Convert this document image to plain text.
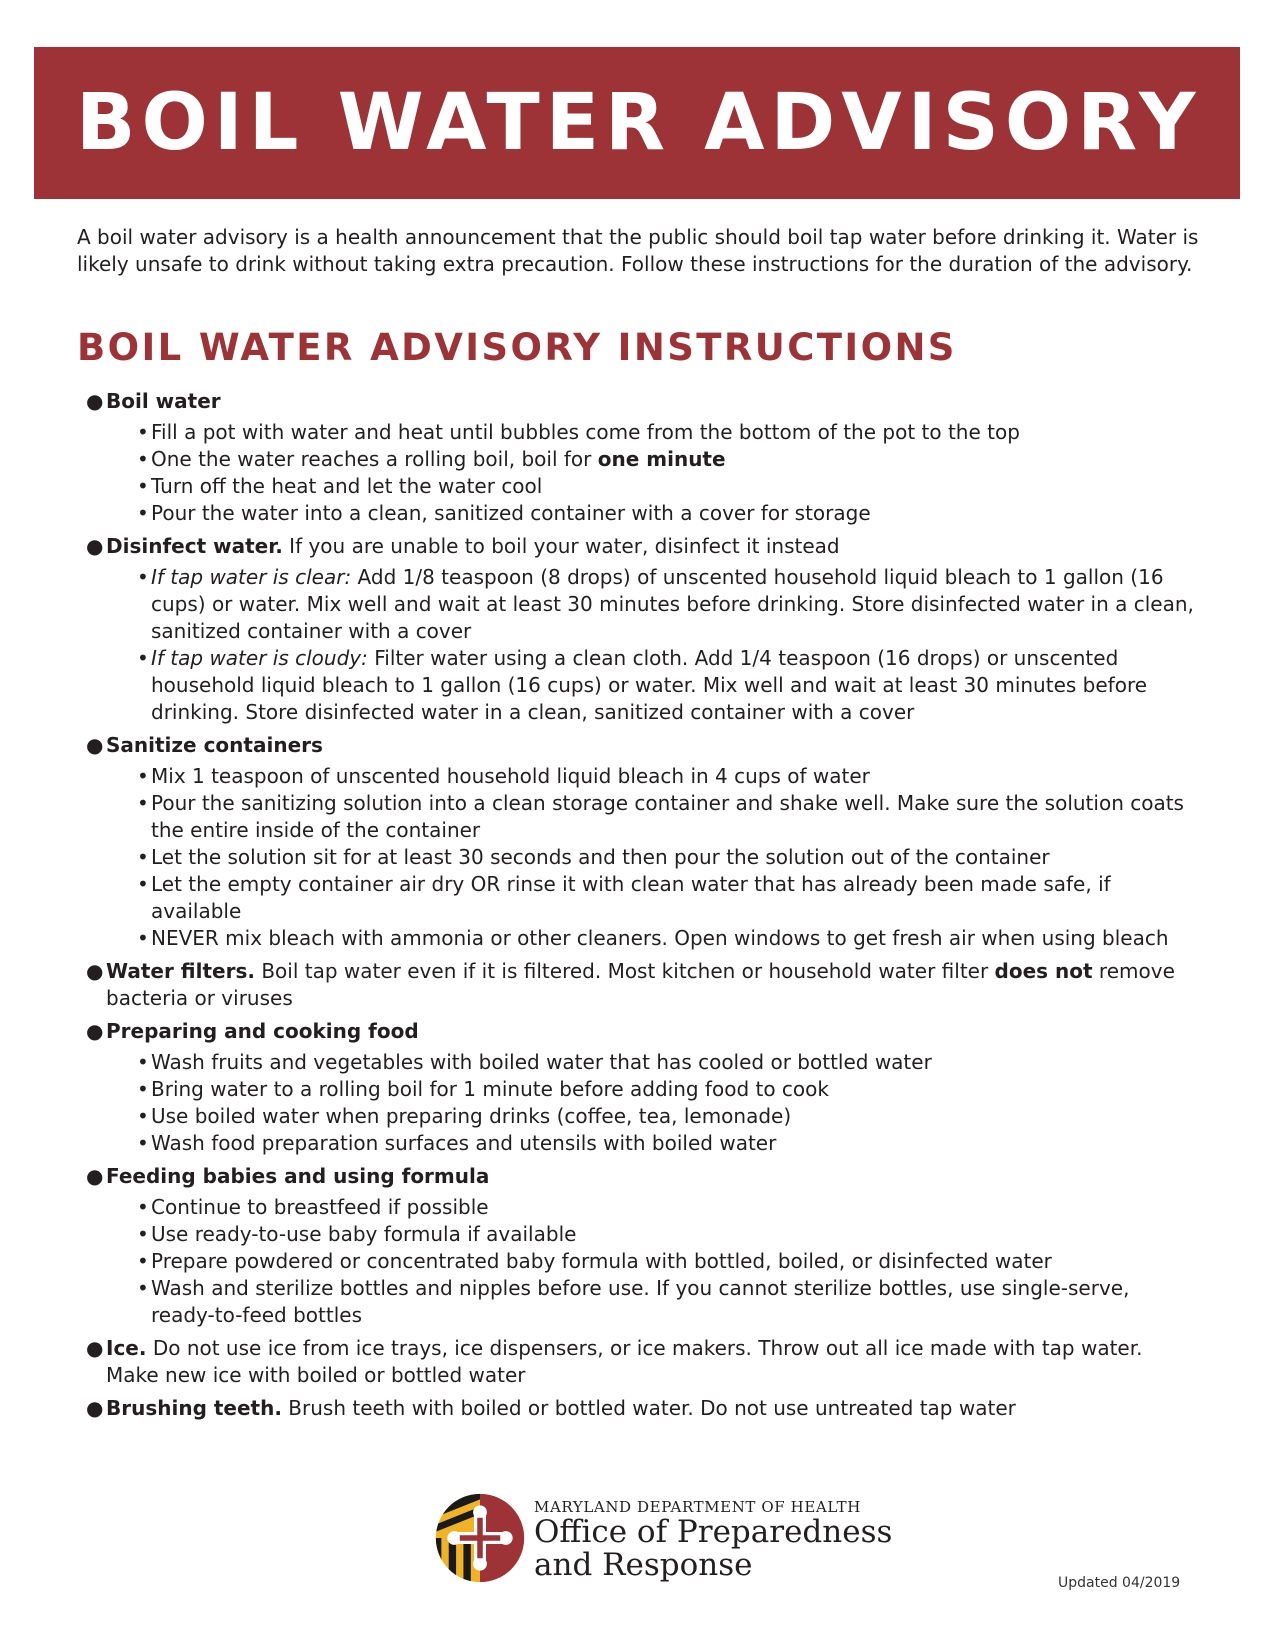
BOIL WATER ADVISORY

A boil water advisory is a health announcement that the public should boil tap water before drinking it. Water is likely unsafe to drink without taking extra precaution. Follow these instructions for the duration of the advisory.

BOIL WATER ADVISORY INSTRUCTIONS
● Boil water
• Fill a pot with water and heat until bubbles come from the bottom of the pot to the top
• One the water reaches a rolling boil, boil for one minute
• Turn off the heat and let the water cool
• Pour the water into a clean, sanitized container with a cover for storage
● Disinfect water. If you are unable to boil your water, disinfect it instead
• If tap water is clear: Add 1/8 teaspoon (8 drops) of unscented household liquid bleach to 1 gallon (16 cups) or water. Mix well and wait at least 30 minutes before drinking. Store disinfected water in a clean, sanitized container with a cover
• If tap water is cloudy: Filter water using a clean cloth. Add 1/4 teaspoon (16 drops) or unscented household liquid bleach to 1 gallon (16 cups) or water. Mix well and wait at least 30 minutes before drinking. Store disinfected water in a clean, sanitized container with a cover
● Sanitize containers
• Mix 1 teaspoon of unscented household liquid bleach in 4 cups of water
• Pour the sanitizing solution into a clean storage container and shake well. Make sure the solution coats the entire inside of the container
• Let the solution sit for at least 30 seconds and then pour the solution out of the container
• Let the empty container air dry OR rinse it with clean water that has already been made safe, if available
• NEVER mix bleach with ammonia or other cleaners. Open windows to get fresh air when using bleach
● Water filters. Boil tap water even if it is filtered. Most kitchen or household water filter does not remove bacteria or viruses
● Preparing and cooking food
• Wash fruits and vegetables with boiled water that has cooled or bottled water
• Bring water to a rolling boil for 1 minute before adding food to cook
• Use boiled water when preparing drinks (coffee, tea, lemonade)
• Wash food preparation surfaces and utensils with boiled water
● Feeding babies and using formula
• Continue to breastfeed if possible
• Use ready-to-use baby formula if available
• Prepare powdered or concentrated baby formula with bottled, boiled, or disinfected water
• Wash and sterilize bottles and nipples before use. If you cannot sterilize bottles, use single-serve, ready-to-feed bottles
● Ice. Do not use ice from ice trays, ice dispensers, or ice makers. Throw out all ice made with tap water. Make new ice with boiled or bottled water
● Brushing teeth. Brush teeth with boiled or bottled water. Do not use untreated tap water
MARYLAND DEPARTMENT OF HEALTH
Office of Preparedness
and Response	Updated 04/2019
